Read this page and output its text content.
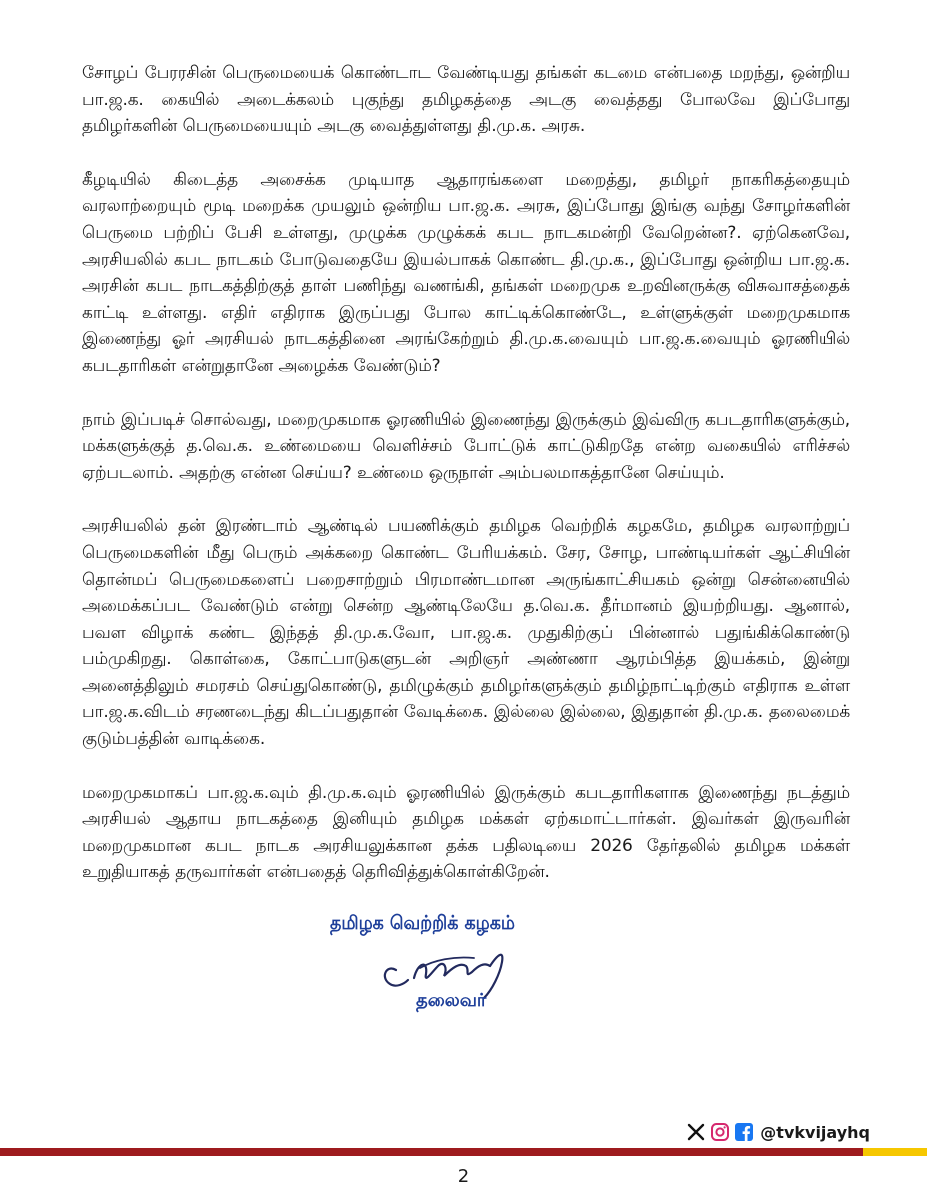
சோழப் பேரரசின் பெருமையைக் கொண்டாட வேண்டியது தங்கள் கடமை என்பதை மறந்து, ஒன்றிய பா.ஜ.க. கையில் அடைக்கலம் புகுந்து தமிழகத்தை அடகு வைத்தது போலவே இப்போது தமிழர்களின் பெருமையையும் அடகு வைத்துள்ளது தி.மு.க. அரசு.

கீழடியில் கிடைத்த அசைக்க முடியாத ஆதாரங்களை மறைத்து, தமிழர் நாகரிகத்தையும் வரலாற்றையும் மூடி மறைக்க முயலும் ஒன்றிய பா.ஜ.க. அரசு, இப்போது இங்கு வந்து சோழர்களின் பெருமை பற்றிப் பேசி உள்ளது, முழுக்க முழுக்கக் கபட நாடகமன்றி வேறென்ன?. ஏற்கெனவே, அரசியலில் கபட நாடகம் போடுவதையே இயல்பாகக் கொண்ட தி.மு.க., இப்போது ஒன்றிய பா.ஜ.க. அரசின் கபட நாடகத்திற்குத் தாள் பணிந்து வணங்கி, தங்கள் மறைமுக உறவினருக்கு விசுவாசத்தைக் காட்டி உள்ளது. எதிர் எதிராக இருப்பது போல காட்டிக்கொண்டே, உள்ளுக்குள் மறைமுகமாக இணைந்து ஓர் அரசியல் நாடகத்தினை அரங்கேற்றும் தி.மு.க.வையும் பா.ஜ.க.வையும் ஓரணியில் கபடதாரிகள் என்றுதானே அழைக்க வேண்டும்?

நாம் இப்படிச் சொல்வது, மறைமுகமாக ஓரணியில் இணைந்து இருக்கும் இவ்விரு கபடதாரிகளுக்கும், மக்களுக்குத் த.வெ.க. உண்மையை வெளிச்சம் போட்டுக் காட்டுகிறதே என்ற வகையில் எரிச்சல் ஏற்படலாம். அதற்கு என்ன செய்ய? உண்மை ஒருநாள் அம்பலமாகத்தானே செய்யும்.

அரசியலில் தன் இரண்டாம் ஆண்டில் பயணிக்கும் தமிழக வெற்றிக் கழகமே, தமிழக வரலாற்றுப் பெருமைகளின் மீது பெரும் அக்கறை கொண்ட பேரியக்கம். சேர, சோழ, பாண்டியர்கள் ஆட்சியின் தொன்மப் பெருமைகளைப் பறைசாற்றும் பிரமாண்டமான அருங்காட்சியகம் ஒன்று சென்னையில் அமைக்கப்பட வேண்டும் என்று சென்ற ஆண்டிலேயே த.வெ.க. தீர்மானம் இயற்றியது. ஆனால், பவள விழாக் கண்ட இந்தத் தி.மு.க.வோ, பா.ஜ.க. முதுகிற்குப் பின்னால் பதுங்கிக்கொண்டு பம்முகிறது. கொள்கை, கோட்பாடுகளுடன் அறிஞர் அண்ணா ஆரம்பித்த இயக்கம், இன்று அனைத்திலும் சமரசம் செய்துகொண்டு, தமிழுக்கும் தமிழர்களுக்கும் தமிழ்நாட்டிற்கும் எதிராக உள்ள பா.ஜ.க.விடம் சரணடைந்து கிடப்பதுதான் வேடிக்கை. இல்லை இல்லை, இதுதான் தி.மு.க. தலைமைக் குடும்பத்தின் வாடிக்கை.

மறைமுகமாகப் பா.ஜ.க.வும் தி.மு.க.வும் ஓரணியில் இருக்கும் கபடதாரிகளாக இணைந்து நடத்தும் அரசியல் ஆதாய நாடகத்தை இனியும் தமிழக மக்கள் ஏற்கமாட்டார்கள். இவர்கள் இருவரின் மறைமுகமான கபட நாடக அரசியலுக்கான தக்க பதிலடியை 2026 தேர்தலில் தமிழக மக்கள் உறுதியாகத் தருவார்கள் என்பதைத் தெரிவித்துக்கொள்கிறேன்.

தமிழக வெற்றிக் கழகம்
தலைவர்
@tvkvijayhq
2
